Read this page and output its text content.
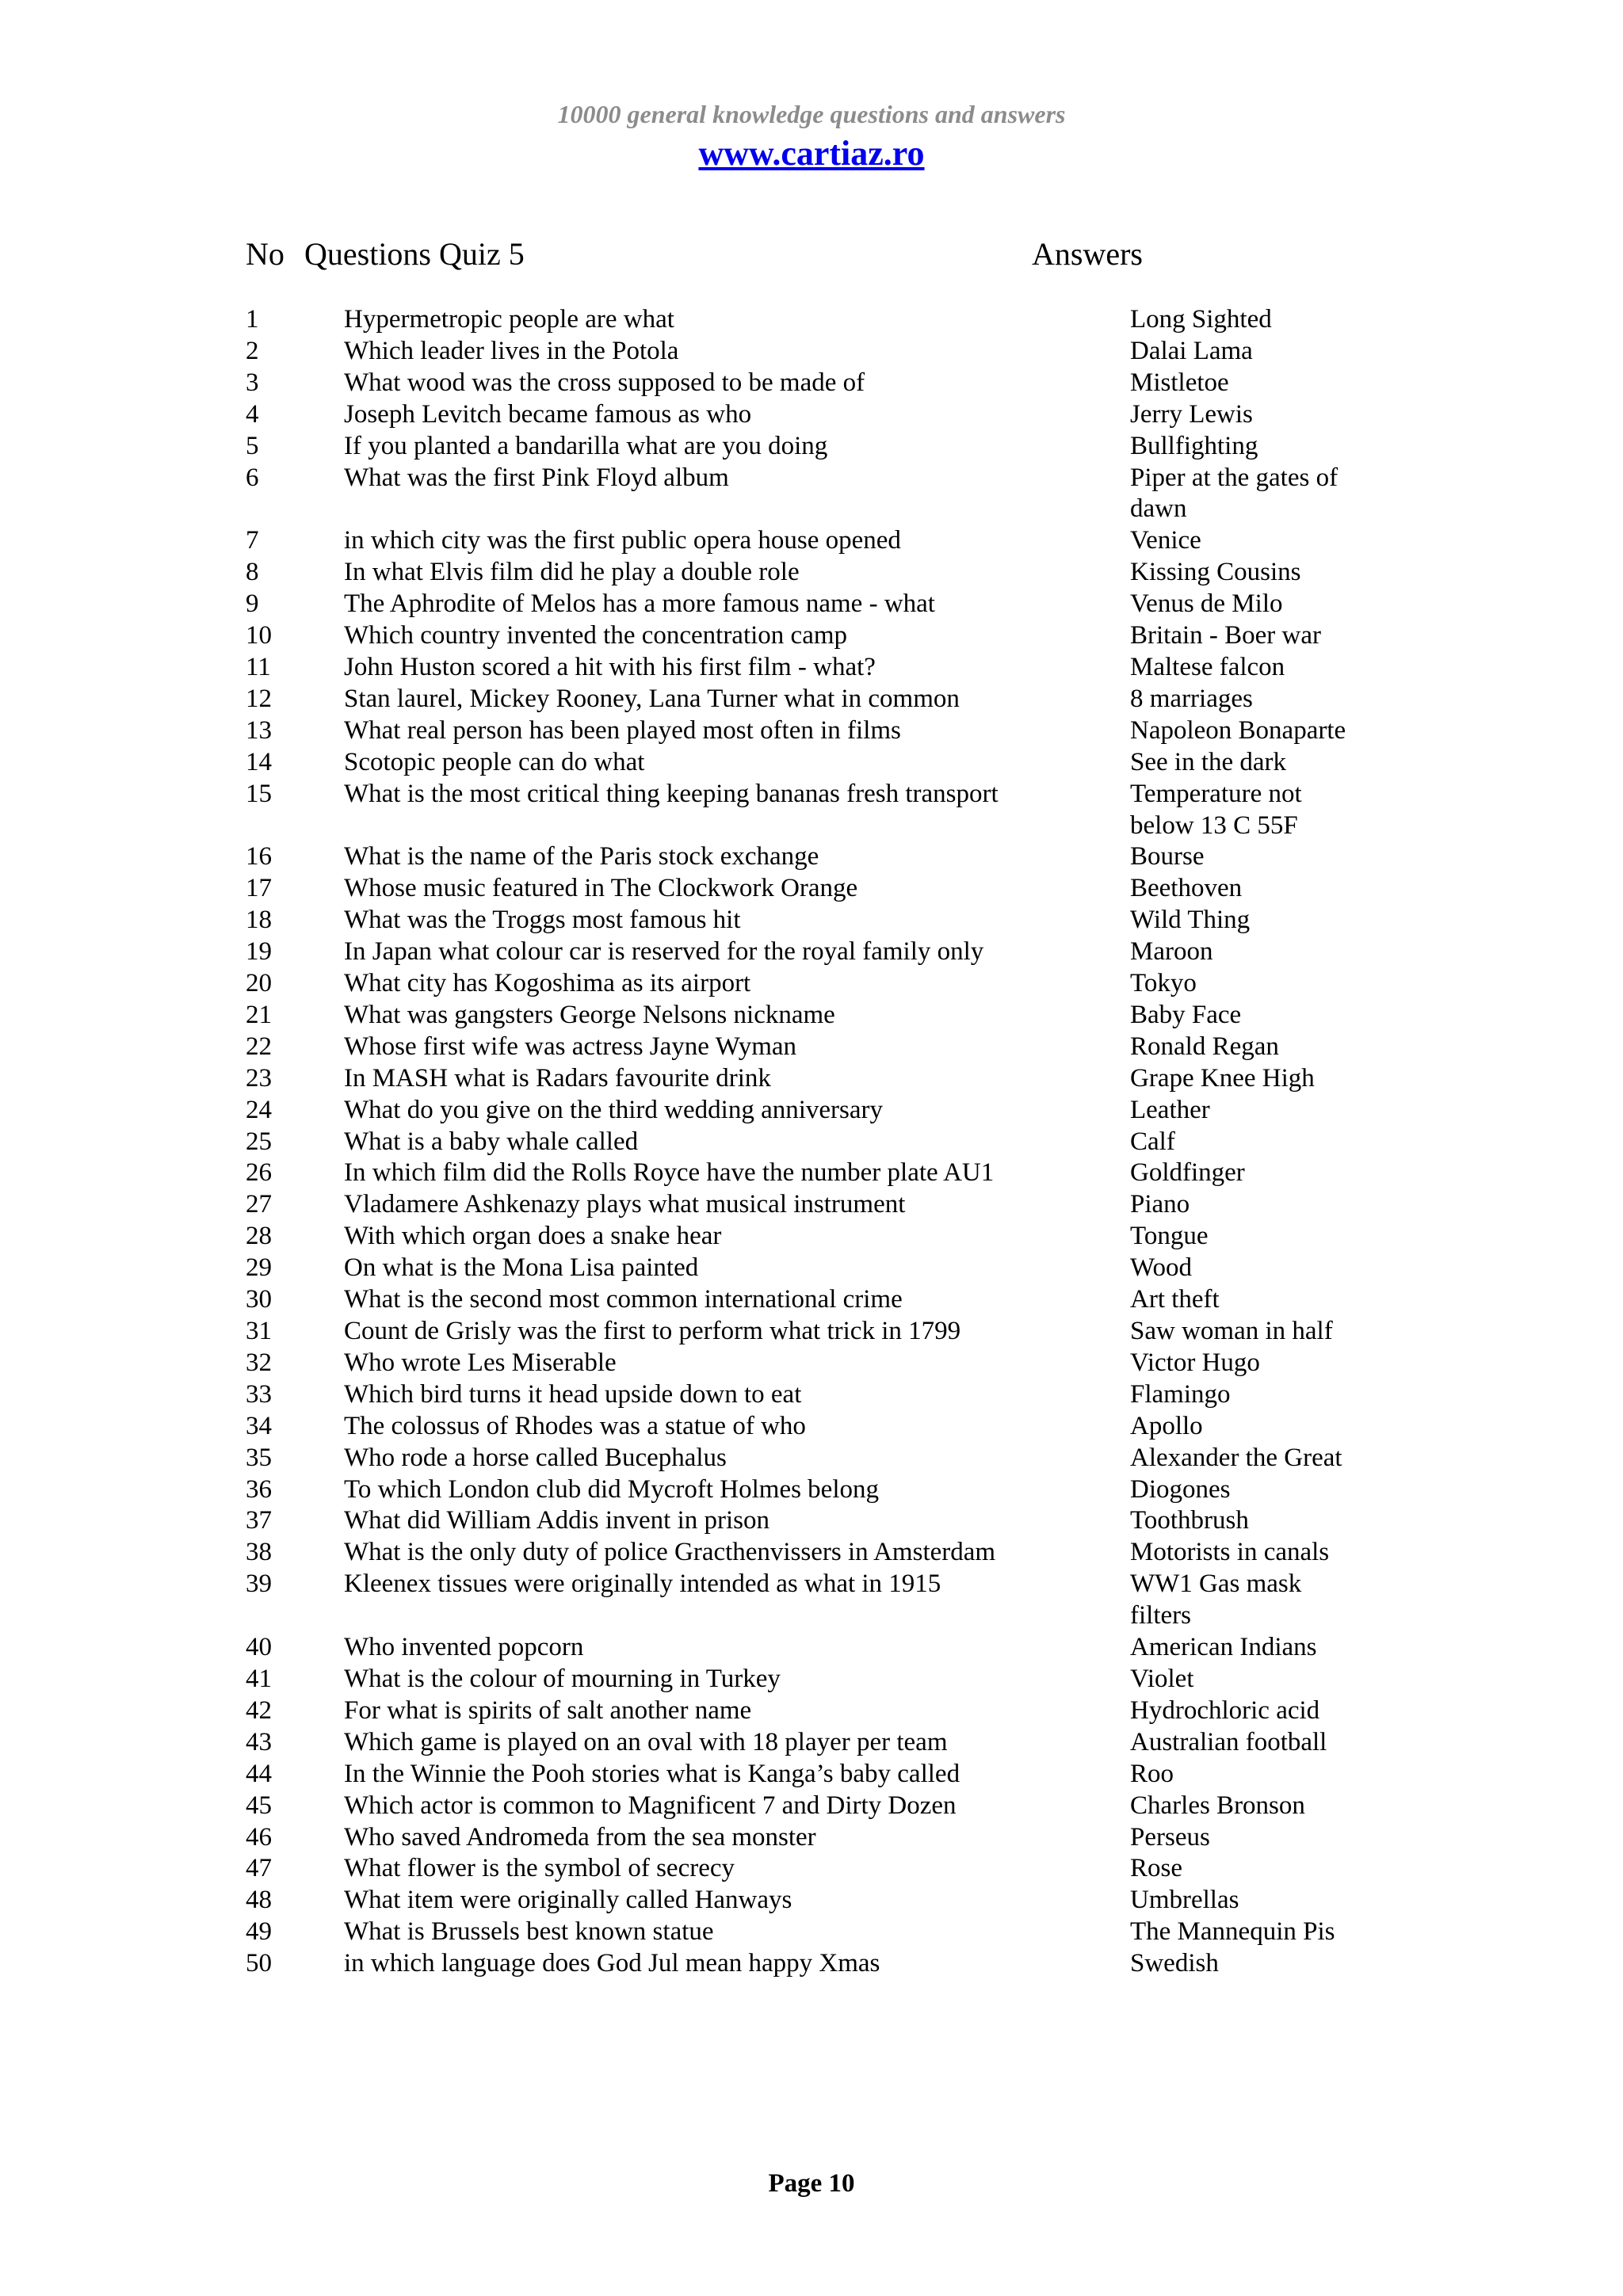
10000 general knowledge questions and answers
www.cartiaz.ro
No Questions Quiz 5	Answers
1	Hypermetropic people are what	Long Sighted
2	Which leader lives in the Potola	Dalai Lama
3	What wood was the cross supposed to be made of	Mistletoe
4	Joseph Levitch became famous as who	Jerry Lewis
5	If you planted a bandarilla what are you doing	Bullfighting
6	What was the first Pink Floyd album	Piper at the gates of dawn
7	in which city was the first public opera house opened	Venice
8	In what Elvis film did he play a double role	Kissing Cousins
9	The Aphrodite of Melos has a more famous name - what	Venus de Milo
10	Which country invented the concentration camp	Britain - Boer war
11	John Huston scored a hit with his first film - what?	Maltese falcon
12	Stan laurel, Mickey Rooney, Lana Turner what in common	8 marriages
13	What real person has been played most often in films	Napoleon Bonaparte
14	Scotopic people can do what	See in the dark
15	What is the most critical thing keeping bananas fresh transport	Temperature not below 13 C 55F
16	What is the name of the Paris stock exchange	Bourse
17	Whose music featured in The Clockwork Orange	Beethoven
18	What was the Troggs most famous hit	Wild Thing
19	In Japan what colour car is reserved for the royal family only	Maroon
20	What city has Kogoshima as its airport	Tokyo
21	What was gangsters George Nelsons nickname	Baby Face
22	Whose first wife was actress Jayne Wyman	Ronald Regan
23	In MASH what is Radars favourite drink	Grape Knee High
24	What do you give on the third wedding anniversary	Leather
25	What is a baby whale called	Calf
26	In which film did the Rolls Royce have the number plate AU1	Goldfinger
27	Vladamere Ashkenazy plays what musical instrument	Piano
28	With which organ does a snake hear	Tongue
29	On what is the Mona Lisa painted	Wood
30	What is the second most common international crime	Art theft
31	Count de Grisly was the first to perform what trick in 1799	Saw woman in half
32	Who wrote Les Miserable	Victor Hugo
33	Which bird turns it head upside down to eat	Flamingo
34	The colossus of Rhodes was a statue of who	Apollo
35	Who rode a horse called Bucephalus	Alexander the Great
36	To which London club did Mycroft Holmes belong	Diogones
37	What did William Addis invent in prison	Toothbrush
38	What is the only duty of police Gracthenvissers in Amsterdam	Motorists in canals
39	Kleenex tissues were originally intended as what in 1915	WW1 Gas mask filters
40	Who invented popcorn	American Indians
41	What is the colour of mourning in Turkey	Violet
42	For what is spirits of salt another name	Hydrochloric acid
43	Which game is played on an oval with 18 player per team	Australian football
44	In the Winnie the Pooh stories what is Kanga’s baby called	Roo
45	Which actor is common to Magnificent 7 and Dirty Dozen	Charles Bronson
46	Who saved Andromeda from the sea monster	Perseus
47	What flower is the symbol of secrecy	Rose
48	What item were originally called Hanways	Umbrellas
49	What is Brussels best known statue	The Mannequin Pis
50	in which language does God Jul mean happy Xmas	Swedish
Page 10
